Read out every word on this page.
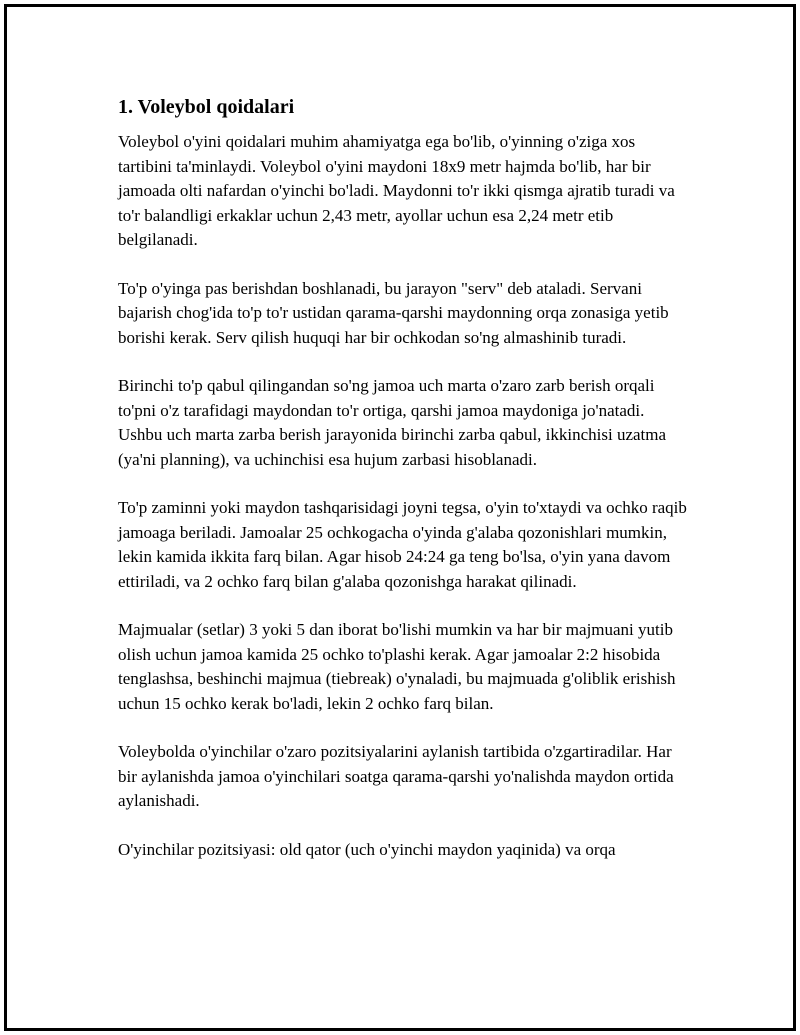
1. Voleybol qoidalari

Voleybol o'yini qoidalari muhim ahamiyatga ega bo'lib, o'yinning o'ziga xos tartibini ta'minlaydi. Voleybol o'yini maydoni 18x9 metr hajmda bo'lib, har bir jamoada olti nafardan o'yinchi bo'ladi. Maydonni to'r ikki qismga ajratib turadi va to'r balandligi erkaklar uchun 2,43 metr, ayollar uchun esa 2,24 metr etib belgilanadi.

To'p o'yinga pas berishdan boshlanadi, bu jarayon "serv" deb ataladi. Servani bajarish chog'ida to'p to'r ustidan qarama-qarshi maydonning orqa zonasiga yetib borishi kerak. Serv qilish huquqi har bir ochkodan so'ng almashinib turadi.

Birinchi to'p qabul qilingandan so'ng jamoa uch marta o'zaro zarb berish orqali to'pni o'z tarafidagi maydondan to'r ortiga, qarshi jamoa maydoniga jo'natadi. Ushbu uch marta zarba berish jarayonida birinchi zarba qabul, ikkinchisi uzatma (ya'ni planning), va uchinchisi esa hujum zarbasi hisoblanadi.

To'p zaminni yoki maydon tashqarisidagi joyni tegsa, o'yin to'xtaydi va ochko raqib jamoaga beriladi. Jamoalar 25 ochkogacha o'yinda g'alaba qozonishlari mumkin, lekin kamida ikkita farq bilan. Agar hisob 24:24 ga teng bo'lsa, o'yin yana davom ettiriladi, va 2 ochko farq bilan g'alaba qozonishga harakat qilinadi.

Majmualar (setlar) 3 yoki 5 dan iborat bo'lishi mumkin va har bir majmuani yutib olish uchun jamoa kamida 25 ochko to'plashi kerak. Agar jamoalar 2:2 hisobida tenglashsa, beshinchi majmua (tiebreak) o'ynaladi, bu majmuada g'oliblik erishish uchun 15 ochko kerak bo'ladi, lekin 2 ochko farq bilan.

Voleybolda o'yinchilar o'zaro pozitsiyalarini aylanish tartibida o'zgartiradilar. Har bir aylanishda jamoa o'yinchilari soatga qarama-qarshi yo'nalishda maydon ortida aylanishadi.

O'yinchilar pozitsiyasi: old qator (uch o'yinchi maydon yaqinida) va orqa
